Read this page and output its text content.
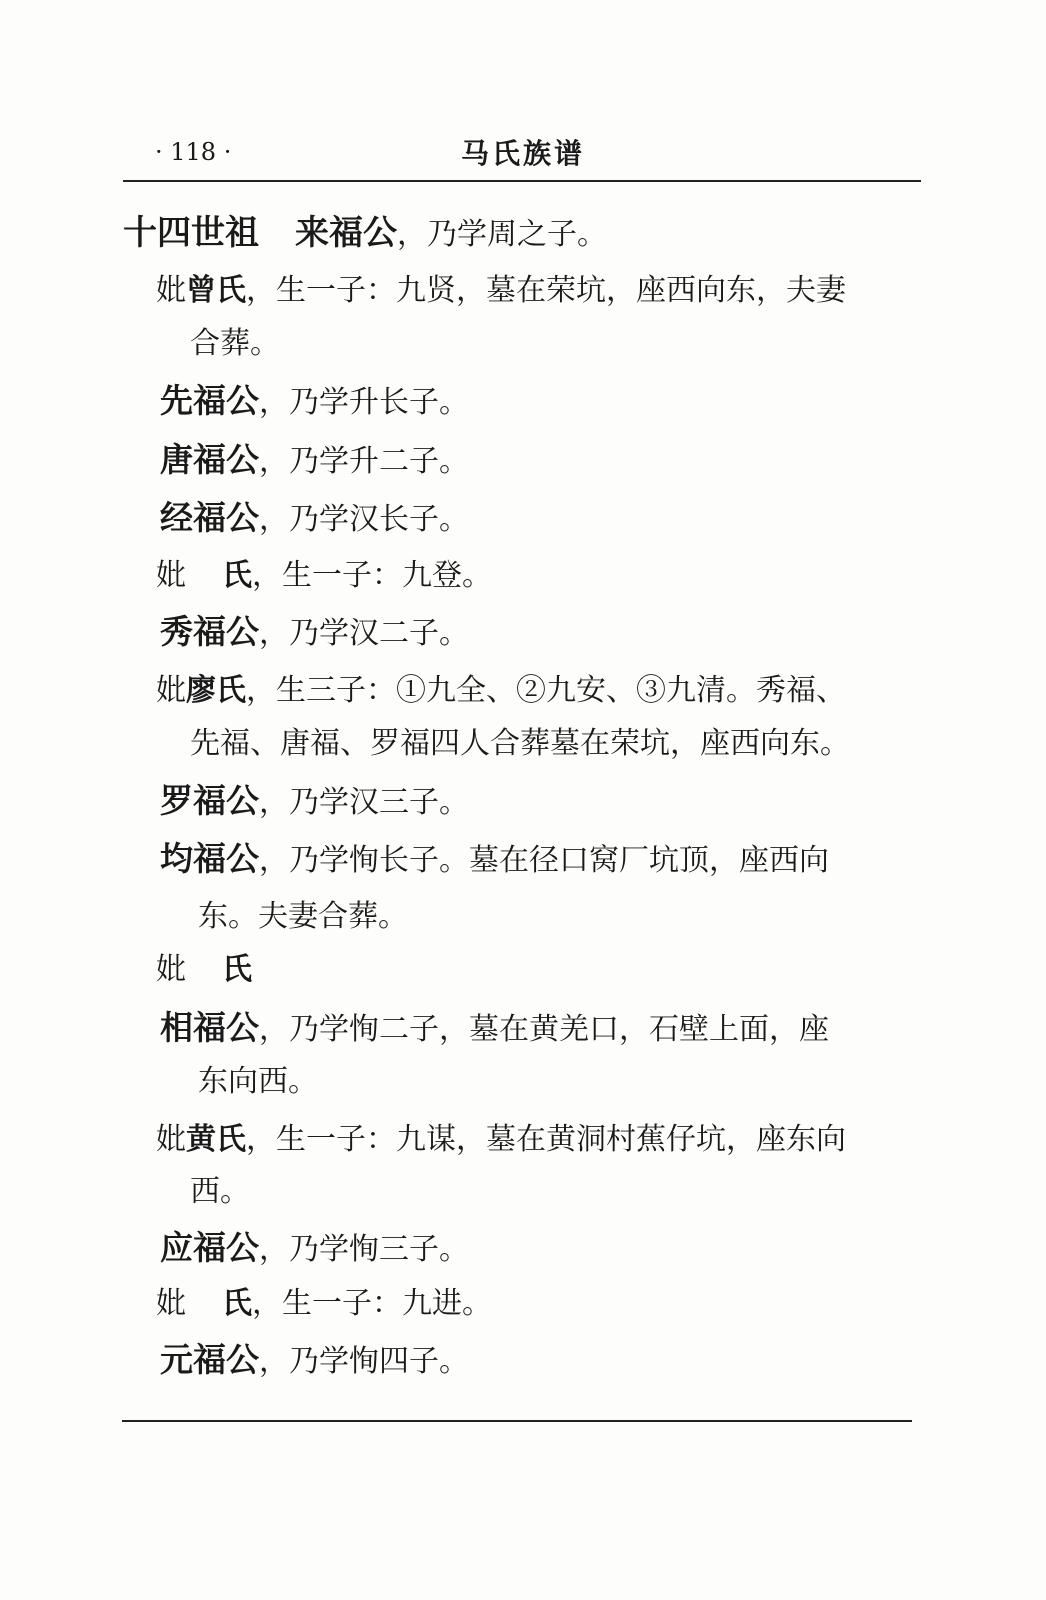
· 118 ·	马氏族谱
十四世祖 来福公，乃学周之子。
妣曾氏，生一子：九贤，墓在荣坑，座西向东，夫妻
合葬。
先福公，乃学升长子。
唐福公，乃学升二子。
经福公，乃学汉长子。
妣 氏，生一子：九登。
秀福公，乃学汉二子。
妣廖氏，生三子：①九全、②九安、③九清。秀福、
先福、唐福、罗福四人合葬墓在荣坑，座西向东。
罗福公，乃学汉三子。
均福公，乃学恂长子。墓在径口窝厂坑顶，座西向
东。夫妻合葬。
妣 氏
相福公，乃学恂二子，墓在黄羌口，石壁上面，座
东向西。
妣黄氏，生一子：九谋，墓在黄洞村蕉仔坑，座东向
西。
应福公，乃学恂三子。
妣 氏，生一子：九进。
元福公，乃学恂四子。
